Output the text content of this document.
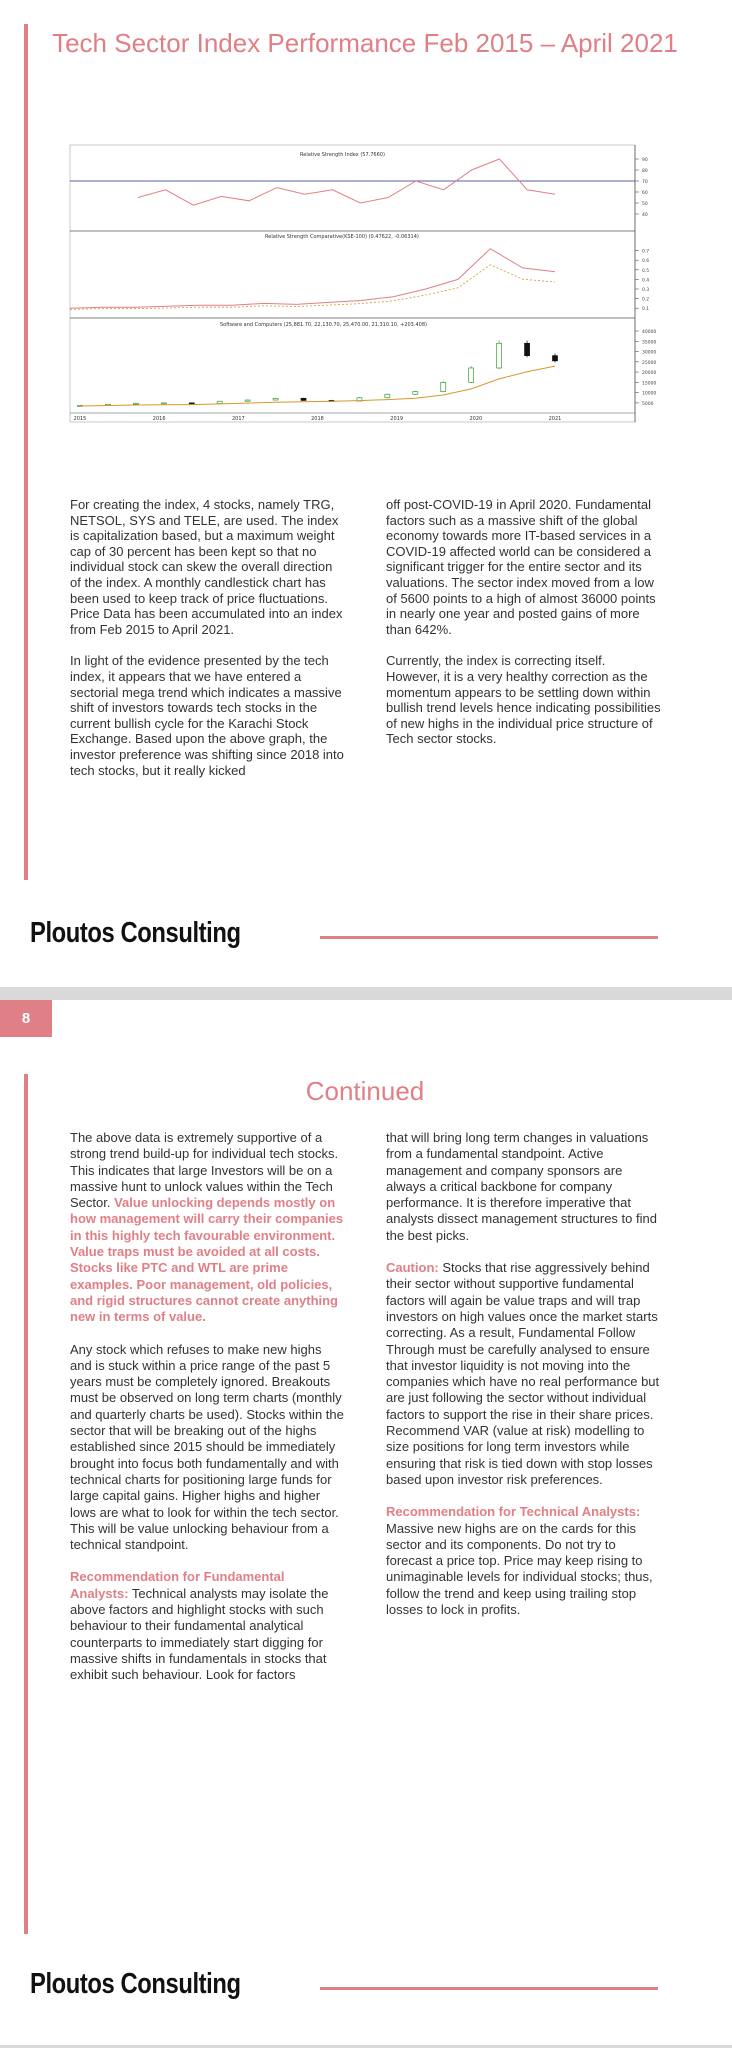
Tech Sector Index Performance Feb 2015 – April 2021
90
80
70
60
50
40
0.7
0.6
0.5
0.4
0.3
0.2
0.1
40000
35000
30000
25000
20000
15000
10000
5000
2015	2016	2017	2018	2019	2020	2021
Relative Strength Index (57.7660)
Relative Strength Comparative(KSE-100) (0.47622, -0.06314)
Software and Computers (25,881.70, 22,130.70, 25,470.00, 21,310.10, +203.408)

For creating the index, 4 stocks, namely TRG, NETSOL, SYS and TELE, are used. The index is capitalization based, but a maximum weight cap of 30 percent has been kept so that no individual stock can skew the overall direction of the index. A monthly candlestick chart has been used to keep track of price fluctuations. Price Data has been accumulated into an index from Feb 2015 to April 2021.

In light of the evidence presented by the tech index, it appears that we have entered a sectorial mega trend which indicates a massive shift of investors towards tech stocks in the current bullish cycle for the Karachi Stock Exchange. Based upon the above graph, the investor preference was shifting since 2018 into tech stocks, but it really kicked

off post-COVID-19 in April 2020. Fundamental factors such as a massive shift of the global economy towards more IT-based services in a COVID-19 affected world can be considered a significant trigger for the entire sector and its valuations. The sector index moved from a low of 5600 points to a high of almost 36000 points in nearly one year and posted gains of more than 642%.

Currently, the index is correcting itself. However, it is a very healthy correction as the momentum appears to be settling down within bullish trend levels hence indicating possibilities of new highs in the individual price structure of Tech sector stocks.

Ploutos Consulting
Continued

The above data is extremely supportive of a strong trend build-up for individual tech stocks. This indicates that large Investors will be on a massive hunt to unlock values within the Tech Sector. Value unlocking depends mostly on how management will carry their companies in this highly tech favourable environment. Value traps must be avoided at all costs. Stocks like PTC and WTL are prime examples. Poor management, old policies, and rigid structures cannot create anything new in terms of value.

Any stock which refuses to make new highs and is stuck within a price range of the past 5 years must be completely ignored. Breakouts must be observed on long term charts (monthly and quarterly charts be used). Stocks within the sector that will be breaking out of the highs established since 2015 should be immediately brought into focus both fundamentally and with technical charts for positioning large funds for large capital gains. Higher highs and higher lows are what to look for within the tech sector. This will be value unlocking behaviour from a technical standpoint.

Recommendation for Fundamental Analysts: Technical analysts may isolate the above factors and highlight stocks with such behaviour to their fundamental analytical counterparts to immediately start digging for massive shifts in fundamentals in stocks that exhibit such behaviour. Look for factors

that will bring long term changes in valuations from a fundamental standpoint. Active management and company sponsors are always a critical backbone for company performance. It is therefore imperative that analysts dissect management structures to find the best picks.

Caution: Stocks that rise aggressively behind their sector without supportive fundamental factors will again be value traps and will trap investors on high values once the market starts correcting. As a result, Fundamental Follow Through must be carefully analysed to ensure that investor liquidity is not moving into the companies which have no real performance but are just following the sector without individual factors to support the rise in their share prices. Recommend VAR (value at risk) modelling to size positions for long term investors while ensuring that risk is tied down with stop losses based upon investor risk preferences.

Recommendation for Technical Analysts: Massive new highs are on the cards for this sector and its components. Do not try to forecast a price top. Price may keep rising to unimaginable levels for individual stocks; thus, follow the trend and keep using trailing stop losses to lock in profits.

Ploutos Consulting
8
